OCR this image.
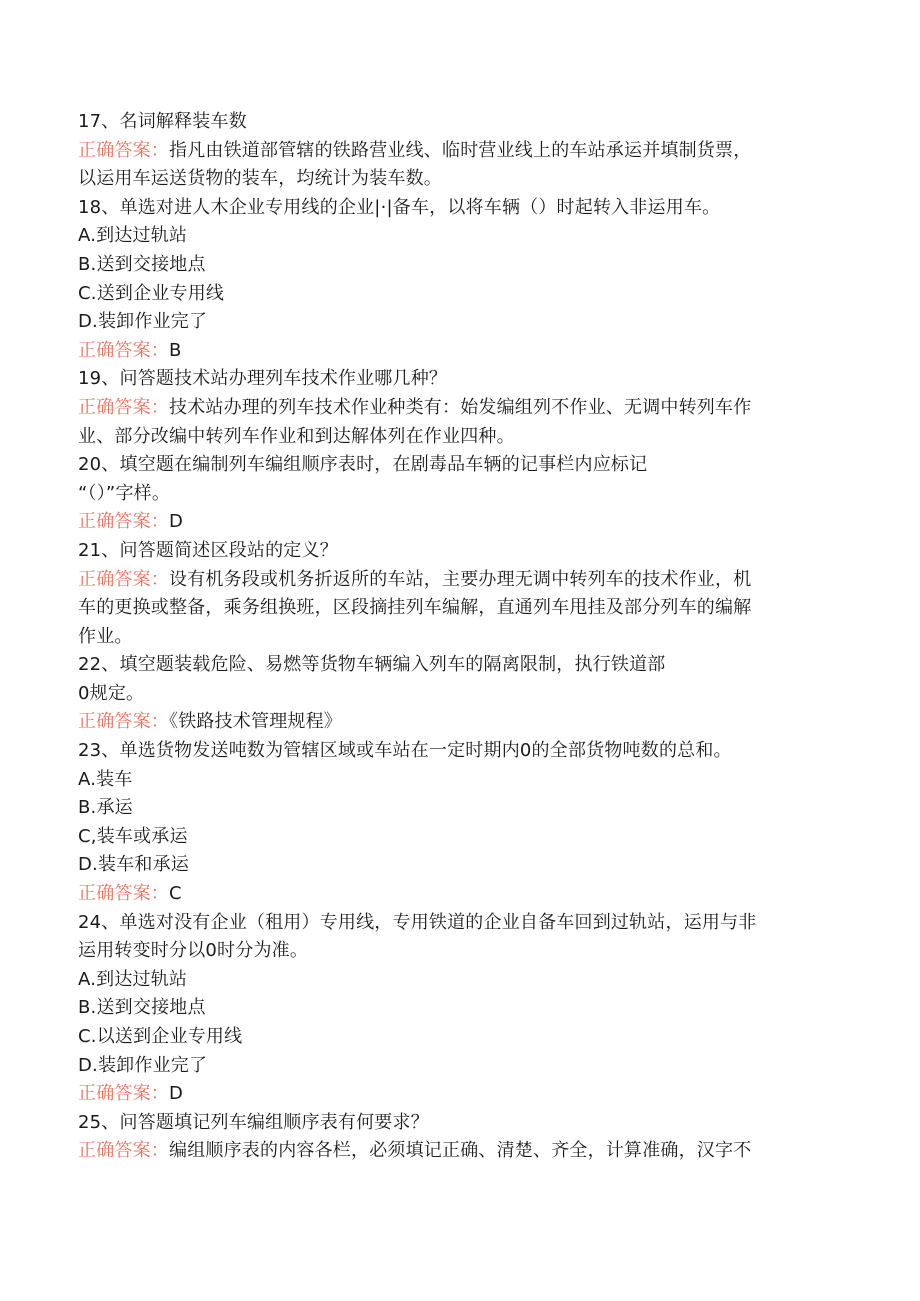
17、名词解释装车数
正确答案：指凡由铁道部管辖的铁路营业线、临时营业线上的车站承运并填制货票，
以运用车运送货物的装车，均统计为装车数。
18、单选对进人木企业专用线的企业|·|备车，以将车辆（）时起转入非运用车。
A.到达过轨站
B.送到交接地点
C.送到企业专用线
D.装卸作业完了
正确答案：B
19、问答题技术站办理列车技术作业哪几种？
正确答案：技术站办理的列车技术作业种类有：始发编组列不作业、无调中转列车作
业、部分改编中转列车作业和到达解体列在作业四种。
20、填空题在编制列车编组顺序表时，在剧毒品车辆的记事栏内应标记
“（）”字样。
正确答案：D
21、问答题简述区段站的定义？
正确答案：设有机务段或机务折返所的车站，主要办理无调中转列车的技术作业，机
车的更换或整备，乘务组换班，区段摘挂列车编解，直通列车甩挂及部分列车的编解
作业。
22、填空题装载危险、易燃等货物车辆编入列车的隔离限制，执行铁道部
0规定。
正确答案：《铁路技术管理规程》
23、单选货物发送吨数为管辖区域或车站在一定时期内0的全部货物吨数的总和。
A.装车
B.承运
C,装车或承运
D.装车和承运
正确答案：C
24、单选对没有企业（租用）专用线，专用铁道的企业自备车回到过轨站，运用与非
运用转变时分以0时分为准。
A.到达过轨站
B.送到交接地点
C.以送到企业专用线
D.装卸作业完了
正确答案：D
25、问答题填记列车编组顺序表有何要求？
正确答案：编组顺序表的内容各栏，必须填记正确、清楚、齐全，计算准确，汉字不
